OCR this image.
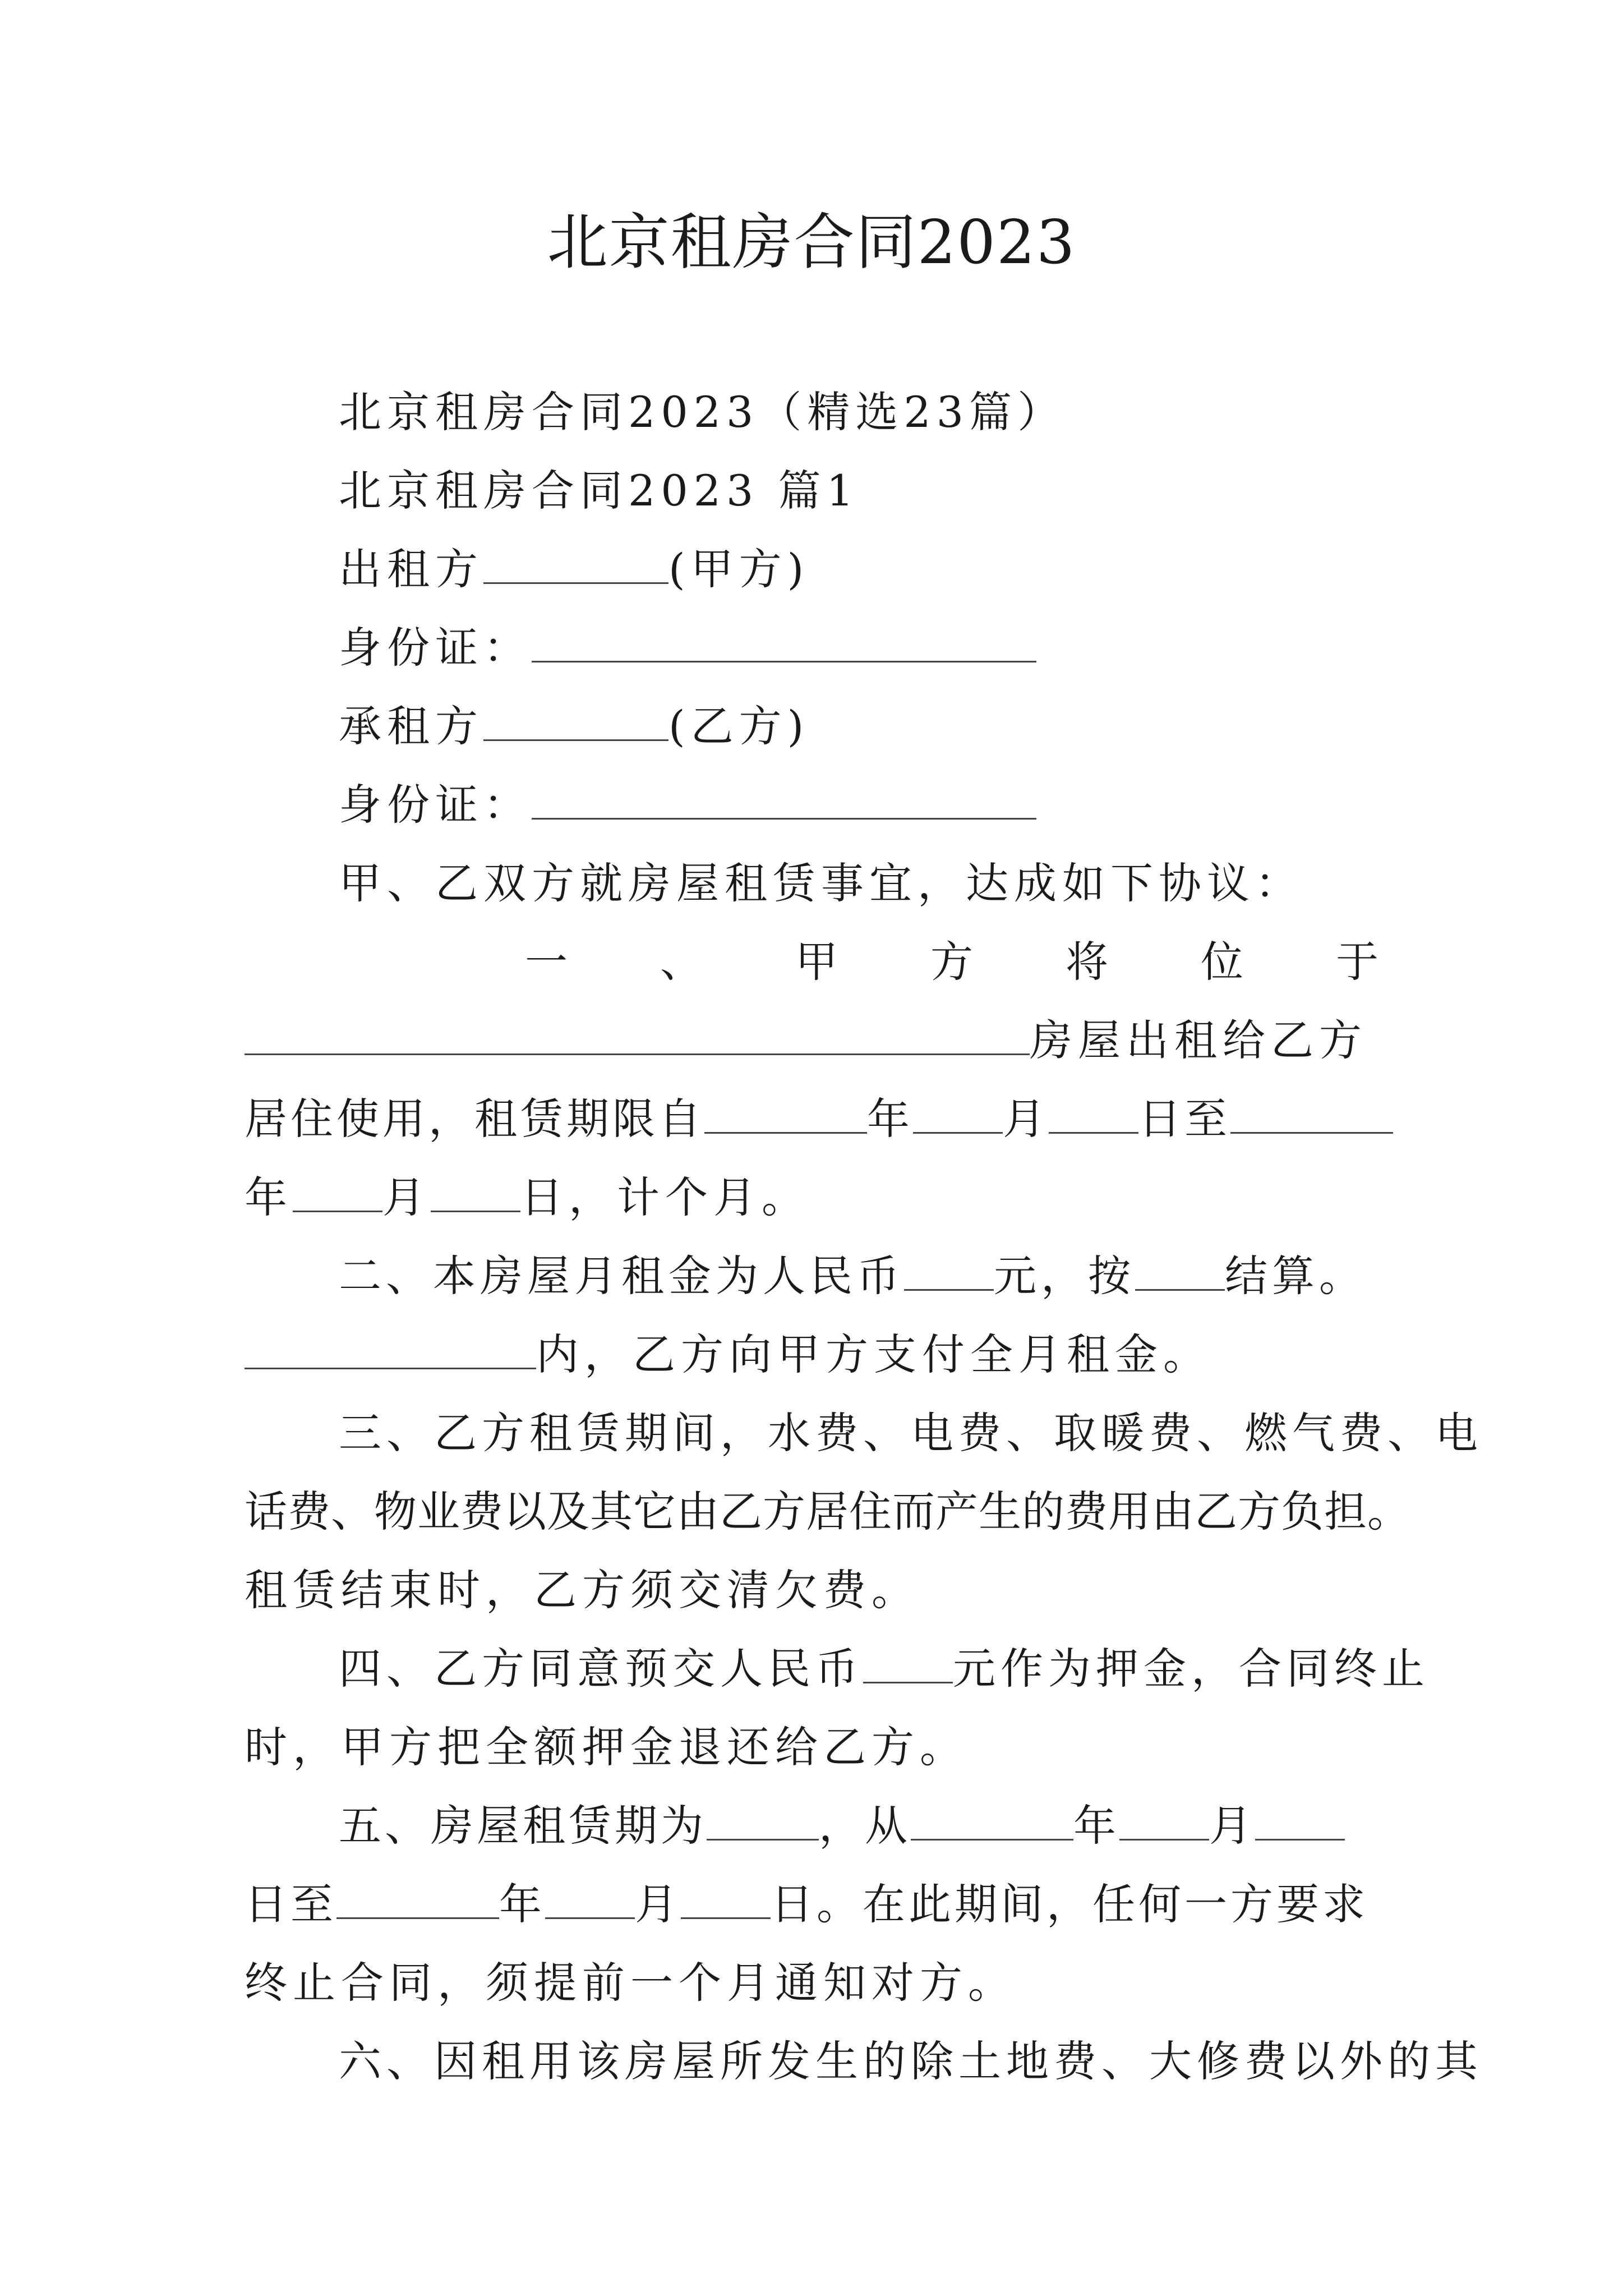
北京租房合同2023
北京租房合同2023（精选23篇）
北京租房合同2023 篇1
出租方	(甲方)
身份证：
承租方	(乙方)
身份证：
甲、乙双方就房屋租赁事宜，达成如下协议：
一 、 甲 方 将 位 于
房屋出租给乙方
居住使用，租赁期限自	年 月 日至
年 月 日，计个月。
二、本房屋月租金为人民币 元，按 结算。
内，乙方向甲方支付全月租金。
三、乙方租赁期间，水费、电费、取暖费、燃气费、电
话费、物业费以及其它由乙方居住而产生的费用由乙方负担。
租赁结束时，乙方须交清欠费。
四、乙方同意预交人民币 元作为押金，合同终止
时，甲方把全额押金退还给乙方。
五、房屋租赁期为	，从	年 月
日至	年 月 日。在此期间，任何一方要求
终止合同，须提前一个月通知对方。
六、因租用该房屋所发生的除土地费、大修费以外的其
